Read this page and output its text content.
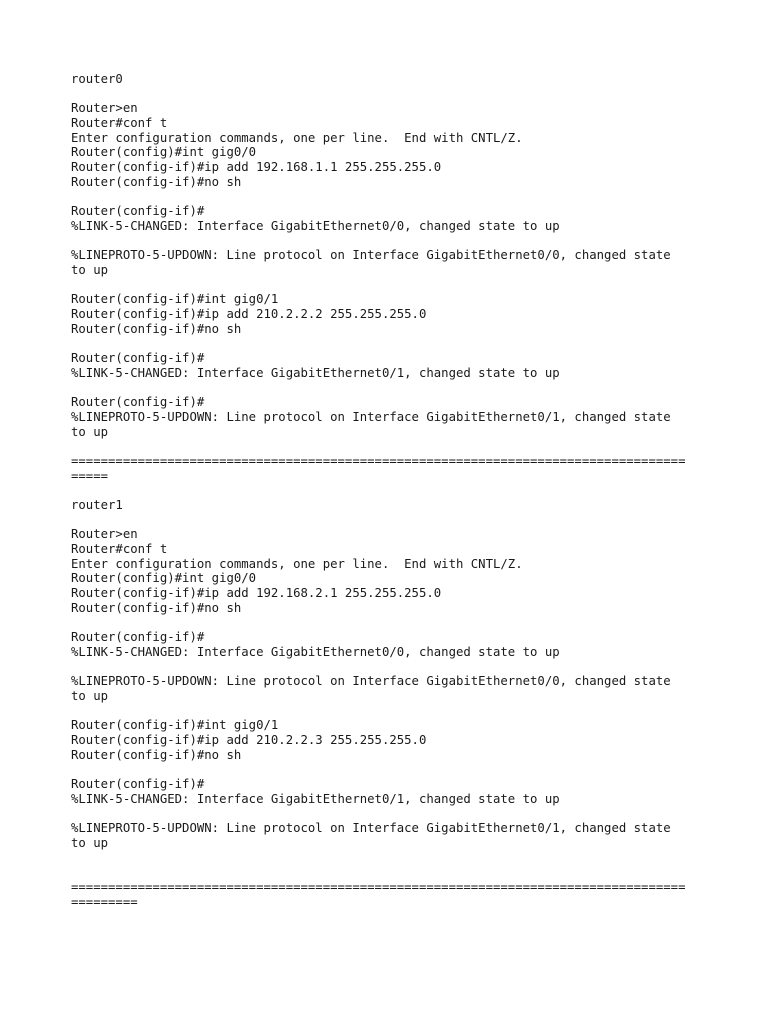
router0
Router>en
Router#conf t
Enter configuration commands, one per line.  End with CNTL/Z.
Router(config)#int gig0/0
Router(config-if)#ip add 192.168.1.1 255.255.255.0
Router(config-if)#no sh
Router(config-if)#
%LINK-5-CHANGED: Interface GigabitEthernet0/0, changed state to up
%LINEPROTO-5-UPDOWN: Line protocol on Interface GigabitEthernet0/0, changed state
to up
Router(config-if)#int gig0/1
Router(config-if)#ip add 210.2.2.2 255.255.255.0
Router(config-if)#no sh
Router(config-if)#
%LINK-5-CHANGED: Interface GigabitEthernet0/1, changed state to up
Router(config-if)#
%LINEPROTO-5-UPDOWN: Line protocol on Interface GigabitEthernet0/1, changed state
to up
===================================================================================
=====
router1
Router>en
Router#conf t
Enter configuration commands, one per line.  End with CNTL/Z.
Router(config)#int gig0/0
Router(config-if)#ip add 192.168.2.1 255.255.255.0
Router(config-if)#no sh
Router(config-if)#
%LINK-5-CHANGED: Interface GigabitEthernet0/0, changed state to up
%LINEPROTO-5-UPDOWN: Line protocol on Interface GigabitEthernet0/0, changed state
to up
Router(config-if)#int gig0/1
Router(config-if)#ip add 210.2.2.3 255.255.255.0
Router(config-if)#no sh
Router(config-if)#
%LINK-5-CHANGED: Interface GigabitEthernet0/1, changed state to up
%LINEPROTO-5-UPDOWN: Line protocol on Interface GigabitEthernet0/1, changed state
to up
===================================================================================
=========
